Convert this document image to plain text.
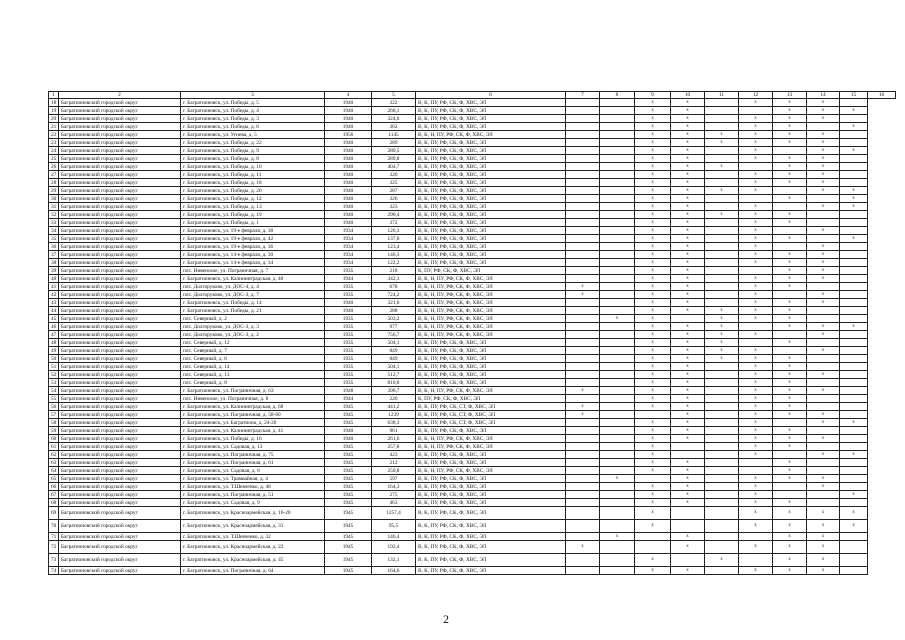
1	2	3	4	5	6	7	8	9	10	11	12	13	14	15	16
18	Багратионовский городской округ	г. Багратионовск, ул. Победы, д. 5	1940	322	В, К, ПУ, РФ, СК, Ф, ХВС, ЭЛ			х	х		х	х	х		
19	Багратионовский городской округ	г. Багратионовск, ул. Победы, д. 4	1940	268,1	В, К, ПУ, РФ, СК, Ф, ХВС, ЭЛ			х	х			х	х	х	
20	Багратионовский городской округ	г. Багратионовск, ул. Победы, д. 3	1940	324,6	В, К, ПУ, РФ, СК, Ф, ХВС, ЭЛ			х	х		х	х	х		
21	Багратионовский городской округ	г. Багратионовск, ул. Победы, д. 6	1940	362	В, К, ПУ, РФ, СК, Ф, ХВС, ЭЛ			х	х		х	х		х	
22	Багратионовский городской округ	г. Багратионовск, ул. Угнева, д. 5	1956	1145	В, К, Н, ПУ, РФ, СК, Ф, ХВС, ЭЛ			х	х	х	х	х	х		
23	Багратионовский городской округ	г. Багратионовск, ул. Победы, д. 22	1940	289	В, К, ПУ, РФ, СК, Ф, ХВС, ЭЛ			х	х	х	х	х	х		
24	Багратионовский городской округ	г. Багратионовск, ул. Победы, д. 9	1940	280,5	В, К, ПУ, РФ, СК, Ф, ХВС, ЭЛ			х	х		х		х	х	
25	Багратионовский городской округ	г. Багратионовск, ул. Победы, д. 8	1940	289,8	В, К, ПУ, РФ, СК, Ф, ХВС, ЭЛ			х	х		х	х	х		
26	Багратионовский городской округ	г. Багратионовск, ул. Победы, д. 10	1940	404,7	В, К, ПУ, РФ, СК, Ф, ХВС, ЭЛ			х	х	х		х	х		
27	Багратионовский городской округ	г. Багратионовск, ул. Победы, д. 11	1940	320	В, К, ПУ, РФ, СК, Ф, ХВС, ЭЛ			х	х		х	х	х		
28	Багратионовский городской округ	г. Багратионовск, ул. Победы, д. 18	1940	325	В, К, ПУ, РФ, СК, Ф, ХВС, ЭЛ			х	х		х	х	х		
29	Багратионовский городской округ	г. Багратионовск, ул. Победы, д. 20	1940	287	В, К, ПУ, РФ, СК, Ф, ХВС, ЭЛ			х	х	х	х		х	х	
30	Багратионовский городской округ	г. Багратионовск, ул. Победы, д. 12	1940	326	В, К, ПУ, РФ, СК, Ф, ХВС, ЭЛ			х	х			х		х	
31	Багратионовский городской округ	г. Багратионовск, ул. Победы, д. 13	1940	323	В, К, ПУ, РФ, СК, Ф, ХВС, ЭЛ			х	х		х		х	х	
32	Багратионовский городской округ	г. Багратионовск, ул. Победы, д. 19	1940	290,4	В, К, ПУ, РФ, СК, Ф, ХВС, ЭЛ			х	х	х	х	х			
33	Багратионовский городской округ	г. Багратионовск, ул. Победы, д. 1	1940	372	В, К, ПУ, РФ, СК, Ф, ХВС, ЭЛ			х	х		х	х			
34	Багратионовский городской округ	г. Багратионовск, ул. 19-е февраля, д. 38	1934	126,3	В, К, ПУ, РФ, СК, Ф, ХВС, ЭЛ			х	х		х		х		
35	Багратионовский городской округ	г. Багратионовск, ул. 19-е февраля, д. 42	1934	137,8	В, К, ПУ, РФ, СК, Ф, ХВС, ЭЛ			х	х		х	х		х	
36	Багратионовский городской округ	г. Багратионовск, ул. 19-е февраля, д. 36	1934	123,4	В, К, ПУ, РФ, СК, Ф, ХВС, ЭЛ			х	х		х		х		
37	Багратионовский городской округ	г. Багратионовск, ул. 14-е февраля, д. 30	1934	146,3	В, К, ПУ, РФ, СК, Ф, ХВС, ЭЛ			х	х		х	х	х		
38	Багратионовский городской округ	г. Багратионовск, ул. 14-е февраля, д. 34	1934	122,2	В, К, ПУ, РФ, СК, Ф, ХВС, ЭЛ			х	х		х	х	х		
39	Багратионовский городской округ	пос. Нивенское, ул. Пограничная, д. 7	1935	218	К, ПУ, РФ, СК, Ф, ХВС, ЭЛ			х	х			х	х		
40	Багратионовский городской округ	г. Багратионовск, ул. Калининградская, д. 40	1944	342,3	В, К, Н, ПУ, РФ, СК, Ф, ХВС, ЭЛ			х	х		х	х	х		
41	Багратионовский городской округ	пос. Долгоруково, ул. ДОС-4, д. 4	1935	678	В, К, Н, ПУ, РФ, СК, Ф, ХВС, ЭЛ	х		х	х		х	х			
42	Багратионовский городской округ	пос. Долгоруково, ул. ДОС-3, д. 7	1935	724,2	В, К, Н, ПУ, РФ, СК, Ф, ХВС, ЭЛ	х		х	х		х		х		
43	Багратионовский городской округ	г. Багратионовск, ул. Победы, д. 14	1940	321,6	В, К, Н, ПУ, РФ, СК, Ф, ХВС, ЭЛ			х	х		х	х	х		
44	Багратионовский городской округ	г. Багратионовск, ул. Победы, д. 21	1940	288	В, К, Н, ПУ, РФ, СК, Ф, ХВС, ЭЛ			х	х	х	х	х			
45	Багратионовский городской округ	пос. Северный, д. 2	1935	503,2	В, К, Н, ПУ, РФ, СК, Ф, ХВС, ЭЛ		х	х		х	х	х			
46	Багратионовский городской округ	пос. Долгоруково, ул. ДОС-3, д. 3	1935	977	В, К, Н, ПУ, РФ, СК, Ф, ХВС, ЭЛ			х	х	х		х	х	х	
47	Багратионовский городской округ	пос. Долгоруково, ул. ДОС-3, д. 2	1935	756,7	В, К, Н, ПУ, РФ, СК, Ф, ХВС, ЭЛ			х	х	х	х		х		
48	Багратионовский городской округ	пос. Северный, д. 12	1935	504,1	В, К, ПУ, РФ, СК, Ф, ХВС, ЭЛ			х	х	х		х			
49	Багратионовский городской округ	пос. Северный, д. 7	1935	849	В, К, ПУ, РФ, СК, Ф, ХВС, ЭЛ			х	х	х	х		х		
50	Багратионовский городской округ	пос. Северный, д. 6	1935	849	В, К, ПУ, РФ, СК, Ф, ХВС, ЭЛ			х	х	х	х	х			
51	Багратионовский городской округ	пос. Северный, д. 14	1935	504,1	В, К, ПУ, РФ, СК, Ф, ХВС, ЭЛ			х	х		х	х			
52	Багратионовский городской округ	пос. Северный, д. 13	1935	512,7	В, К, ПУ, РФ, СК, Ф, ХВС, ЭЛ			х	х		х	х	х		
53	Багратионовский городской округ	пос. Северный, д. 8	1935	810,8	В, К, ПУ, РФ, СК, Ф, ХВС, ЭЛ			х	х		х	х			
54	Багратионовский городской округ	г. Багратионовск, ул. Пограничная, д. 63	1948	396,7	В, К, Н, ПУ, РФ, СК, Ф, ХВС, ЭЛ	х		х	х		х	х	х		
55	Багратионовский городской округ	пос. Нивенское, ул. Пограничная, д. 8	1944	220	К, ПУ, РФ, СК, Ф, ХВС, ЭЛ			х	х		х	х			
56	Багратионовский городской округ	г. Багратионовск, ул. Калининградская, д. 68	1945	441,2	В, К, ПУ, РФ, СК, СТ, Ф, ХВС, ЭЛ	х		х	х		х	х			
57	Багратионовский городской округ	г. Багратионовск, ул. Пограничная, д. 58-60	1945	1239	В, К, ПУ, РФ, СК, СТ, Ф, ХВС, ЭЛ	х			х		х	х	х		
58	Багратионовский городской округ	г. Багратионовск, ул. Багратиона, д. 24-26	1945	638,3	В, К, ПУ, РФ, СК, СТ, Ф, ХВС, ЭЛ			х	х		х		х	х	
59	Багратионовский городской округ	г. Багратионовск, ул. Калининградская, д. 41	1940	961	В, К, ПУ, РФ, СК, Ф, ХВС, ЭЛ			х	х		х	х			
60	Багратионовский городской округ	г. Багратионовск, ул. Победы, д. 16	1940	261,6	В, К, Н, ПУ, РФ, СК, Ф, ХВС, ЭЛ			х	х		х	х	х		
61	Багратионовский городской округ	г. Багратионовск, ул. Садовая, д. 13	1945	257,8	В, К, Н, ПУ, РФ, СК, Ф, ХВС, ЭЛ			х			х	х			
62	Багратионовский городской округ	г. Багратионовск, ул. Пограничная, д. 75	1945	423	В, К, ПУ, РФ, СК, Ф, ХВС, ЭЛ			х			х		х	х	
63	Багратионовский городской округ	г. Багратионовск, ул. Пограничная, д. 61	1945	212	В, К, ПУ, РФ, СК, Ф, ХВС, ЭЛ			х	х			х			
64	Багратионовский городской округ	г. Багратионовск, ул. Садовая, д. 8	1945	250,8	В, К, Н, ПУ, РФ, СК, Ф, ХВС, ЭЛ			х	х			х			
65	Багратионовский городской округ	г. Багратионовск, ул. Трамвайная, д. 4	1945	597	В, К, ПУ, РФ, СК, Ф, ХВС, ЭЛ		х		х		х	х	х		
66	Багратионовский городской округ	г. Багратионовск, ул. Т.Шевченко, д. 48	1945	164,3	В, К, ПУ, РФ, СК, Ф, ХВС, ЭЛ			х	х		х		х		
67	Багратионовский городской округ	г. Багратионовск, ул. Пограничная, д. 51	1945	275	В, К, ПУ, РФ, СК, Ф, ХВС, ЭЛ			х	х		х			х	
68	Багратионовский городской округ	г. Багратионовск, ул. Садовая, д. 9	1945	463	В, К, ПУ, РФ, СК, Ф, ХВС, ЭЛ			х	х		х	х			
69	Багратионовский городской округ	г. Багратионовск, ул. Красноармейская, д. 16-20	1945	1257,4	В, К, ПУ, РФ, СК, Ф, ХВС, ЭЛ			х			х	х	х	х	
70	Багратионовский городской округ	г. Багратионовск, ул. Красноармейская, д. 31	1945	95,5	В, К, ПУ, РФ, СК, Ф, ХВС, ЭЛ			х			х	х	х	х	
71	Багратионовский городской округ	г. Багратионовск, ул. Т.Шевченко, д. 32	1945	146,4	В, К, ПУ, РФ, СК, Ф, ХВС, ЭЛ		х		х			х	х		
72	Багратионовский городской округ	г. Багратионовск, ул. Красноармейская, д. 22	1945	192,4	В, К, ПУ, РФ, СК, Ф, ХВС, ЭЛ	х			х		х	х	х		
73	Багратионовский городской округ	г. Багратионовск, ул. Красноармейская, д. 45	1945	132,1	В, К, ПУ, РФ, СК, Ф, ХВС, ЭЛ			х		х		х	х		
74	Багратионовский городской округ	г. Багратионовск, ул. Пограничная, д. 64	1945	164,6	В, К, ПУ, РФ, СК, Ф, ХВС, ЭЛ			х	х		х	х	х		
2
